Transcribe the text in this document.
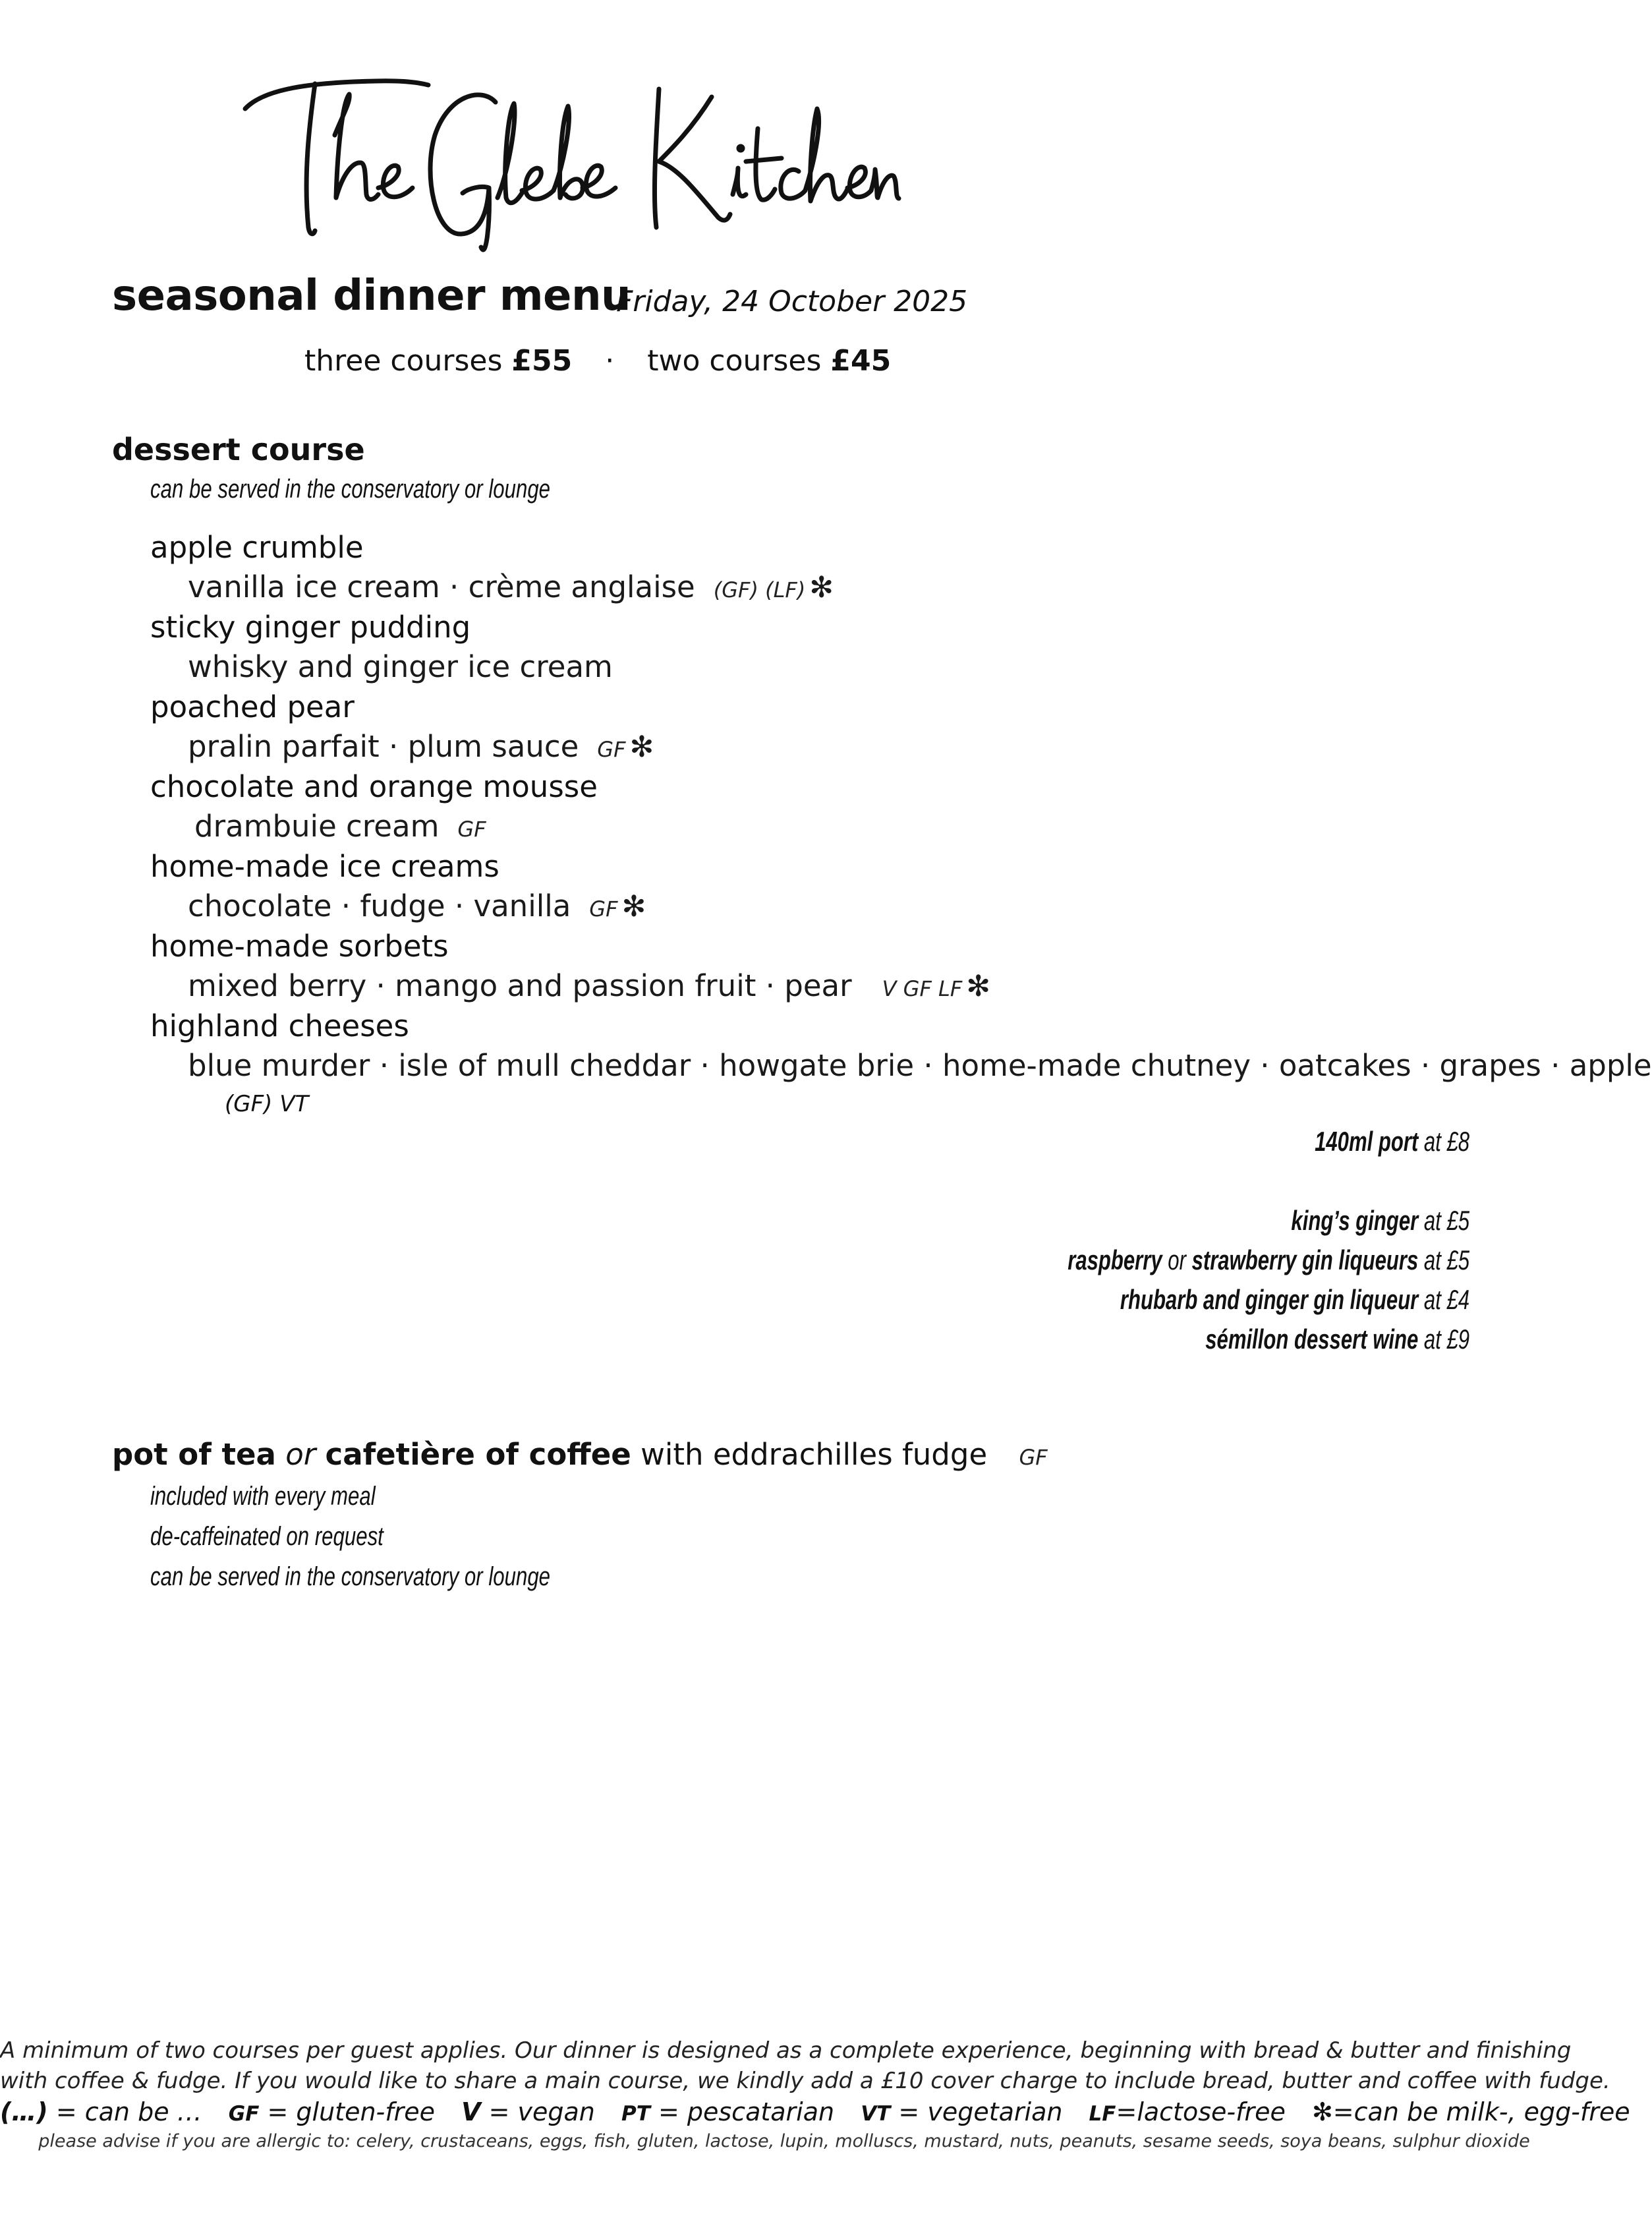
seasonal dinner menu
Friday, 24 October 2025
three courses £55 · two courses £45
dessert course
can be served in the conservatory or lounge
apple crumble
vanilla ice cream · crème anglaise (GF) (LF) ✻
sticky ginger pudding
whisky and ginger ice cream
poached pear
pralin parfait · plum sauce GF ✻
chocolate and orange mousse
drambuie cream GF
home-made ice creams
chocolate · fudge · vanilla GF ✻
home-made sorbets
mixed berry · mango and passion fruit · pear V GF LF ✻
highland cheeses
blue murder · isle of mull cheddar · howgate brie · home-made chutney · oatcakes · grapes · apple
(GF) VT
140ml port at £8
king’s ginger at £5
raspberry or strawberry gin liqueurs at £5
rhubarb and ginger gin liqueur at £4
sémillon dessert wine at £9
pot of tea or cafetière of coffee with eddrachilles fudge GF
included with every meal
de-caffeinated on request
can be served in the conservatory or lounge
A minimum of two courses per guest applies. Our dinner is designed as a complete experience, beginning with bread & butter and finishing
with coffee & fudge. If you would like to share a main course, we kindly add a £10 cover charge to include bread, butter and coffee with fudge.
(…) = can be … GF = gluten-free V = vegan PT = pescatarian VT = vegetarian LF=lactose-free ✻=can be milk-, egg-free
please advise if you are allergic to: celery, crustaceans, eggs, fish, gluten, lactose, lupin, molluscs, mustard, nuts, peanuts, sesame seeds, soya beans, sulphur dioxide
